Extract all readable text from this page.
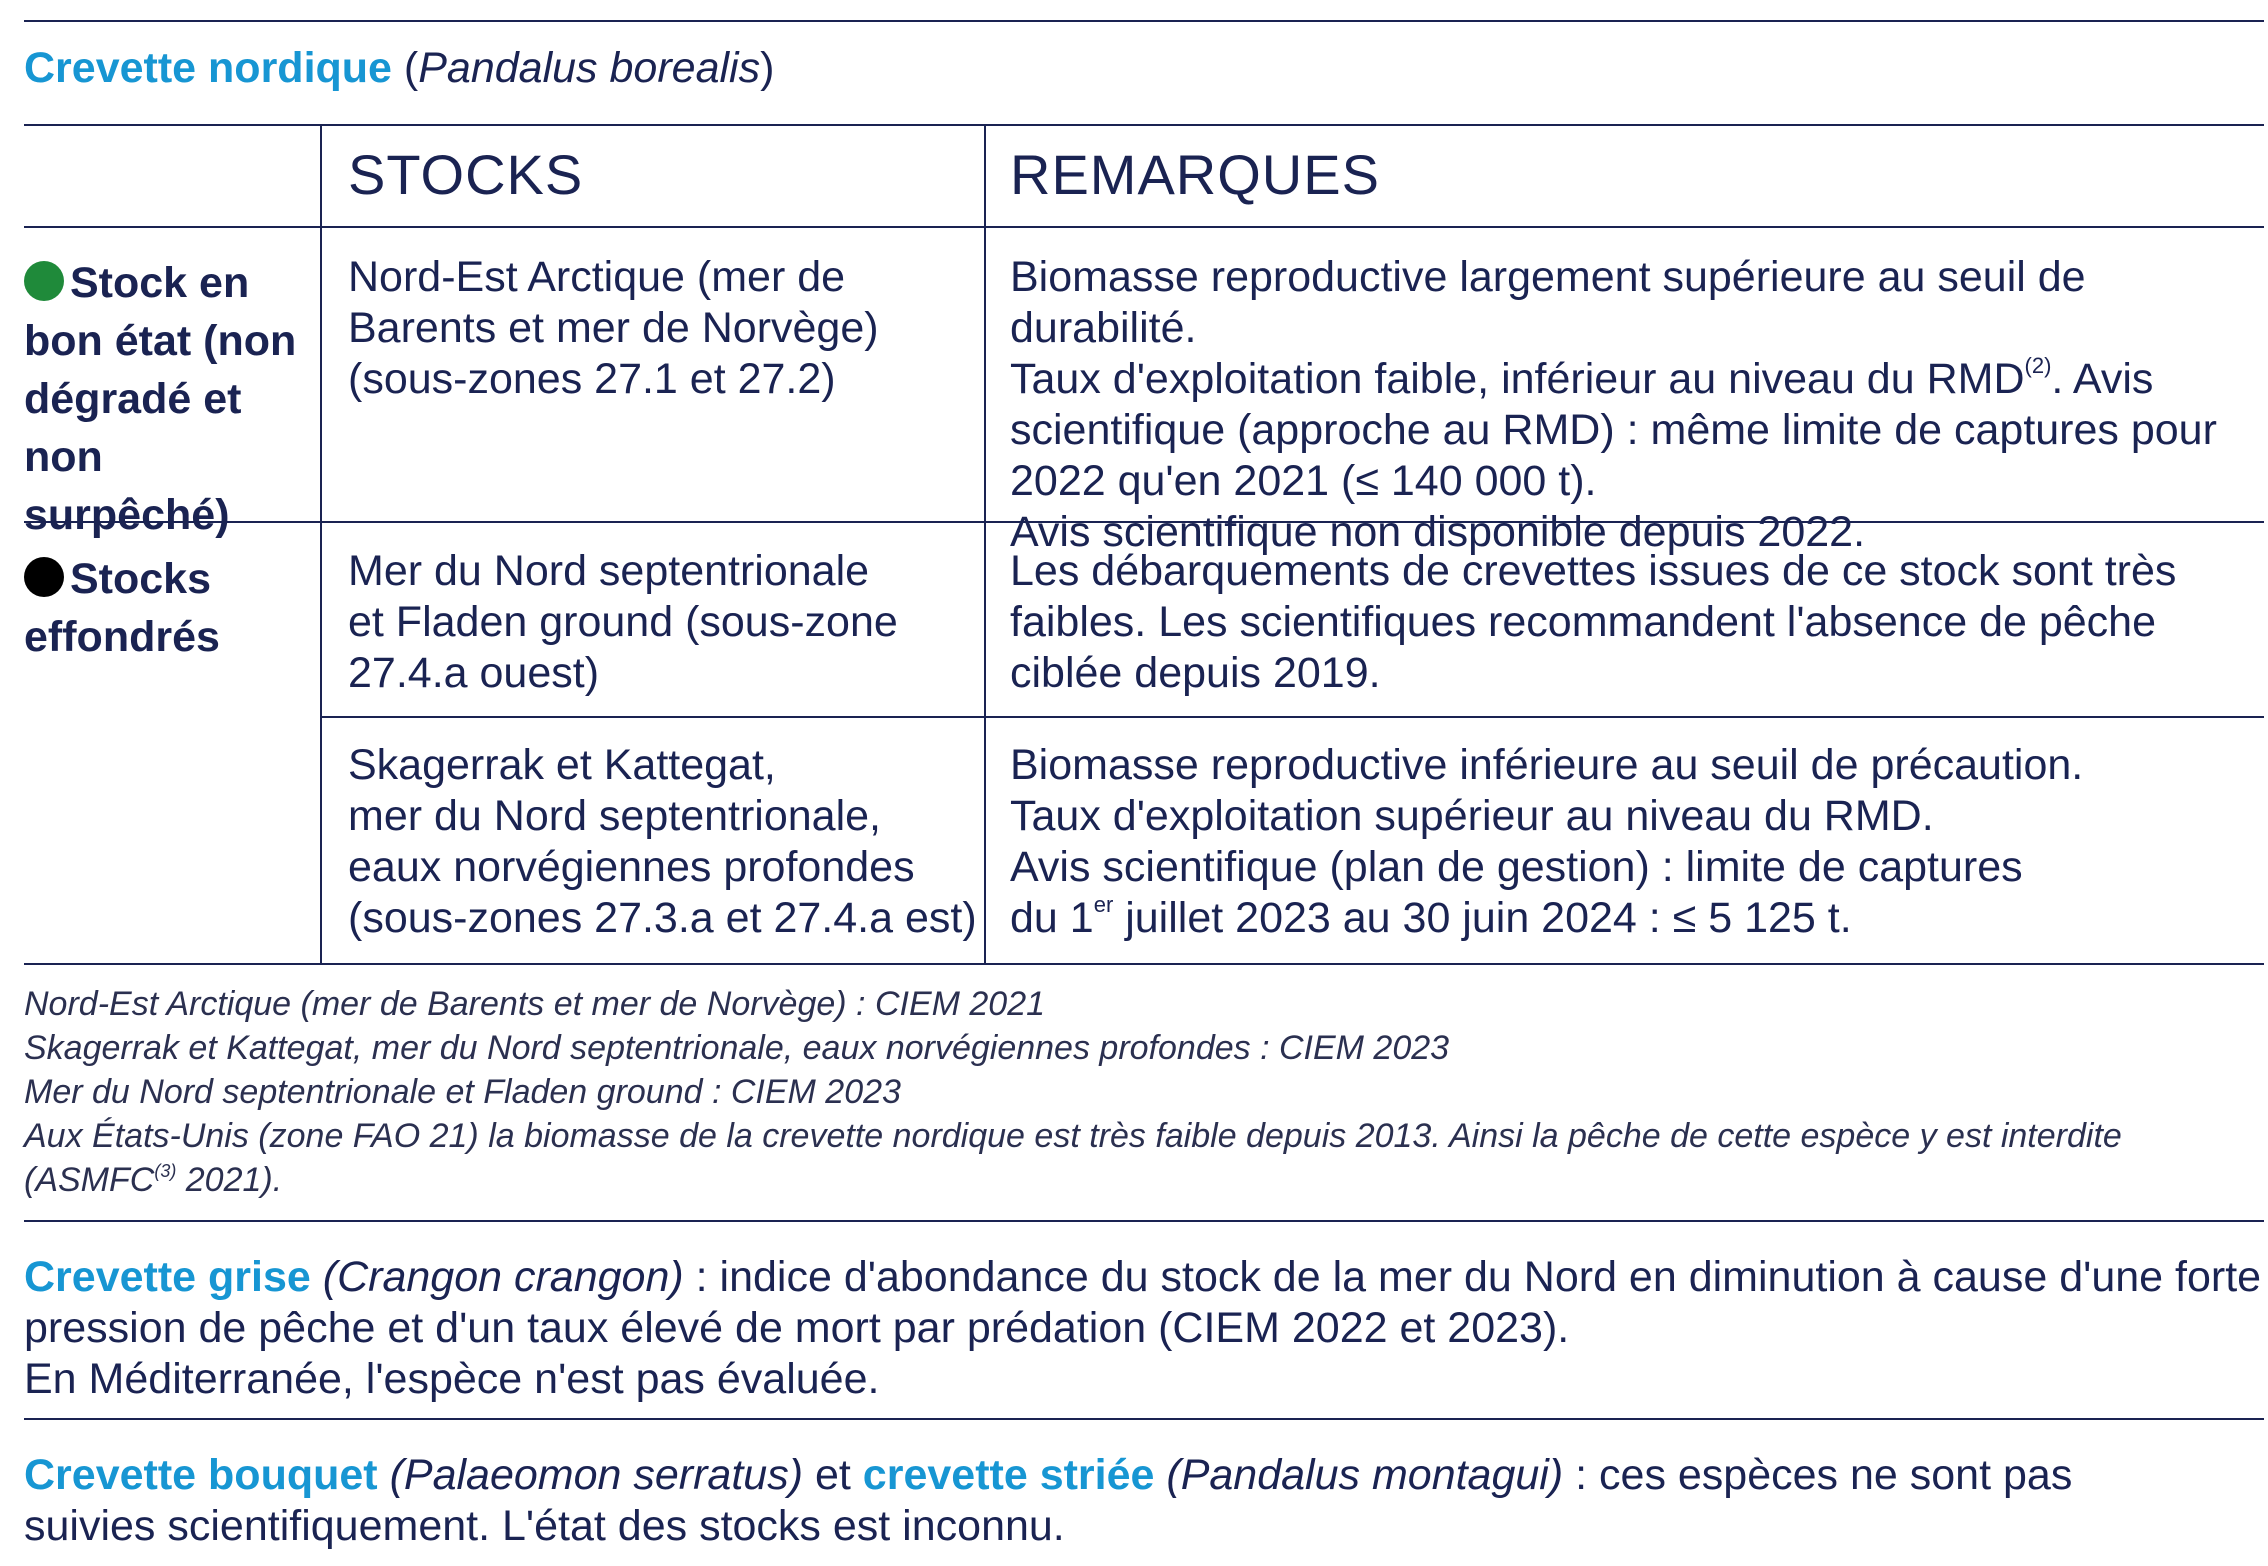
Crevette nordique (Pandalus borealis)
STOCKS	REMARQUES
Stock en bon état (non dégradé et non surpêché)
Stocks effondrés
Nord-Est Arctique (mer de
Barents et mer de Norvège)
(sous-zones 27.1 et 27.2)
Biomasse reproductive largement supérieure au seuil de durabilité.
Taux d'exploitation faible, inférieur au niveau du RMD$^{(2)}$. Avis
scientifique (approche au RMD) : même limite de captures pour
2022 qu'en 2021 (≤ 140 000 t).
Avis scientifique non disponible depuis 2022.
Mer du Nord septentrionale
et Fladen ground (sous-zone
27.4.a ouest)
Les débarquements de crevettes issues de ce stock sont très
faibles. Les scientifiques recommandent l'absence de pêche
ciblée depuis 2019.
Skagerrak et Kattegat,
mer du Nord septentrionale,
eaux norvégiennes profondes
(sous-zones 27.3.a et 27.4.a est)
Biomasse reproductive inférieure au seuil de précaution.
Taux d'exploitation supérieur au niveau du RMD.
Avis scientifique (plan de gestion) : limite de captures
du 1er juillet 2023 au 30 juin 2024 : ≤ 5 125 t.
Nord-Est Arctique (mer de Barents et mer de Norvège) : CIEM 2021
Skagerrak et Kattegat, mer du Nord septentrionale, eaux norvégiennes profondes : CIEM 2023
Mer du Nord septentrionale et Fladen ground : CIEM 2023
Aux États-Unis (zone FAO 21) la biomasse de la crevette nordique est très faible depuis 2013. Ainsi la pêche de cette espèce y est interdite
(ASMFC$^{(3)}$ 2021).
Crevette grise (Crangon crangon) : indice d'abondance du stock de la mer du Nord en diminution à cause d'une forte
pression de pêche et d'un taux élevé de mort par prédation (CIEM 2022 et 2023).
En Méditerranée, l'espèce n'est pas évaluée.
Crevette bouquet (Palaeomon serratus) et crevette striée (Pandalus montagui) : ces espèces ne sont pas
suivies scientifiquement. L'état des stocks est inconnu.
